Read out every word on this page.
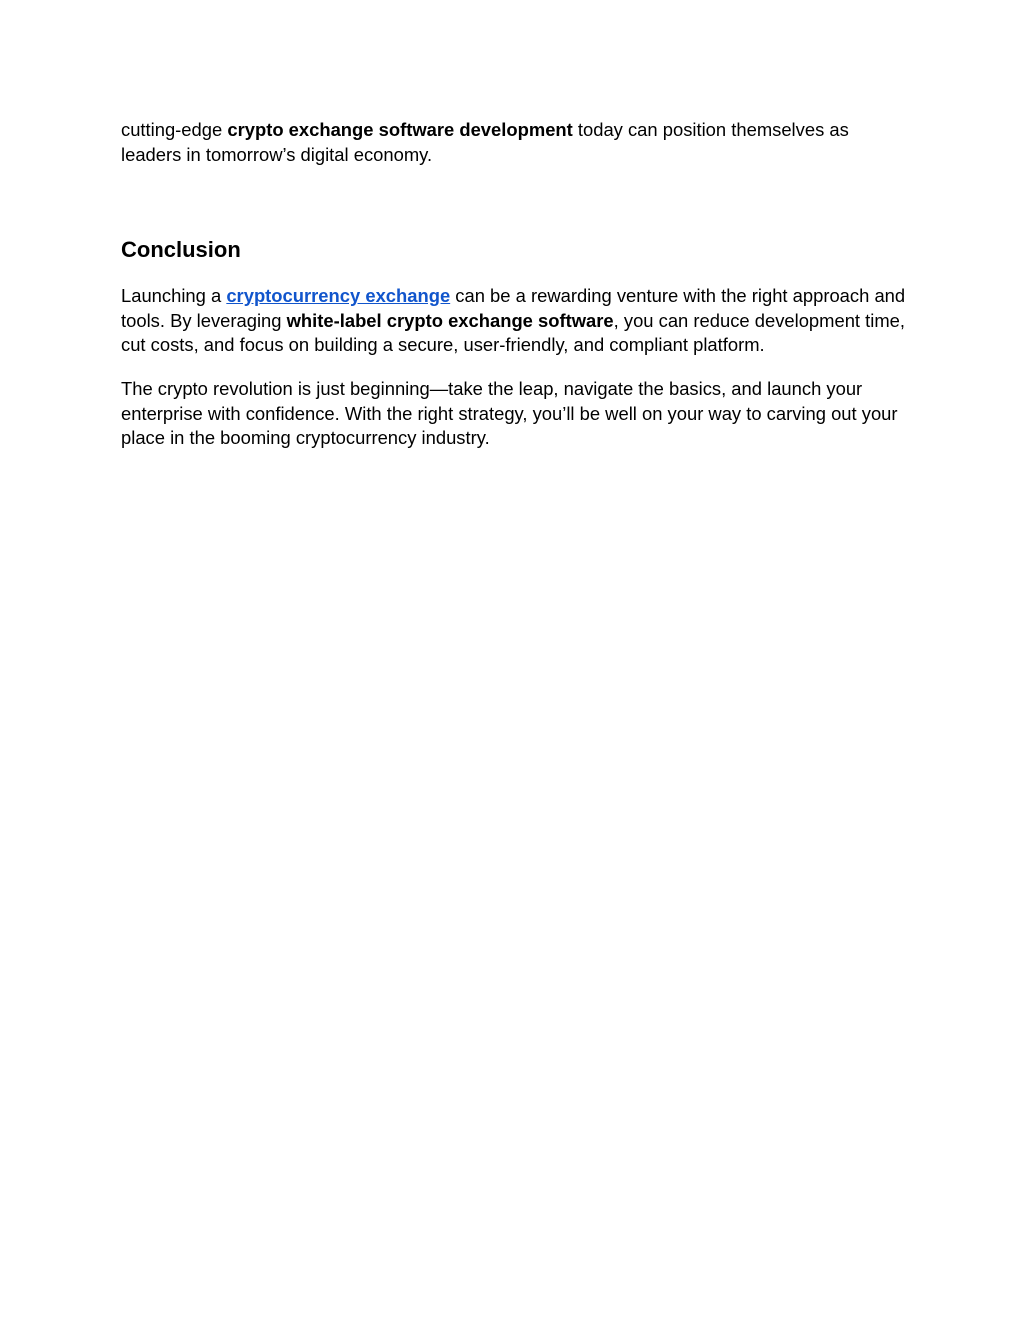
cutting-edge crypto exchange software development today can position themselves as leaders in tomorrow’s digital economy.

Conclusion

Launching a cryptocurrency exchange can be a rewarding venture with the right approach and tools. By leveraging white-label crypto exchange software, you can reduce development time, cut costs, and focus on building a secure, user-friendly, and compliant platform.

The crypto revolution is just beginning—take the leap, navigate the basics, and launch your enterprise with confidence. With the right strategy, you’ll be well on your way to carving out your place in the booming cryptocurrency industry.
